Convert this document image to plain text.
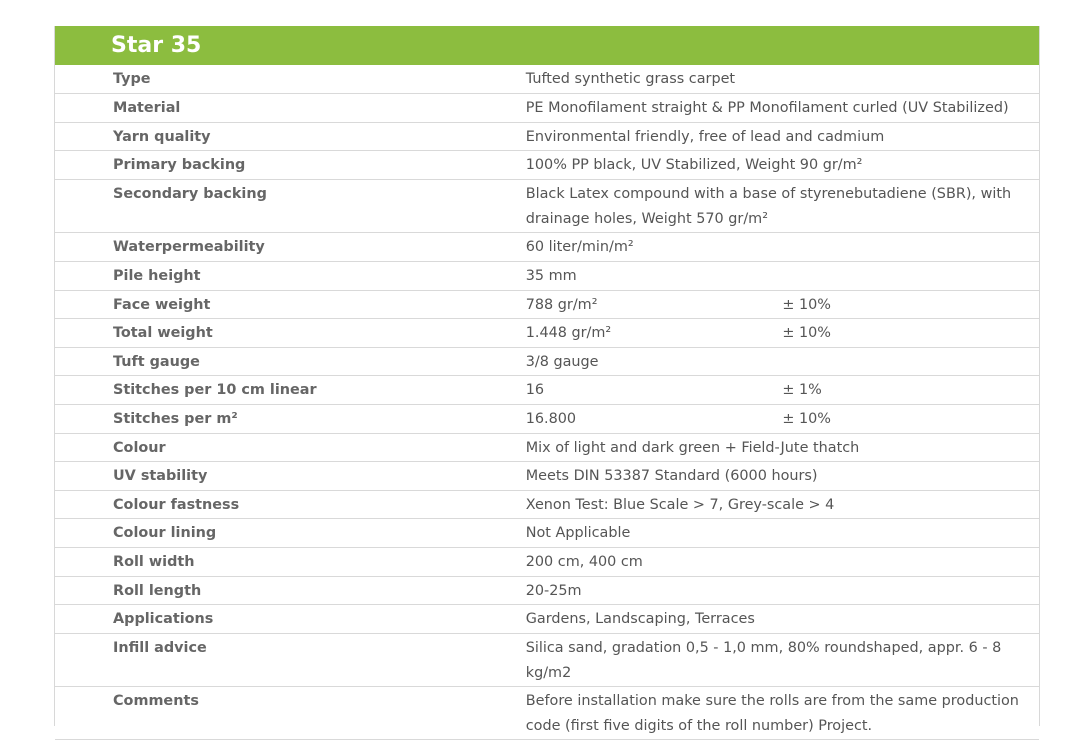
Star 35
Type	Tufted synthetic grass carpet	
Material	PE Monofilament straight & PP Monofilament curled (UV Stabilized)	
Yarn quality	Environmental friendly, free of lead and cadmium	
Primary backing	100% PP black, UV Stabilized, Weight 90 gr/m²	
Secondary backing	Black Latex compound with a base of styrenebutadiene (SBR), with drainage holes, Weight 570 gr/m²	
Waterpermeability	60 liter/min/m²	
Pile height	35 mm	
Face weight	788 gr/m²	± 10%
Total weight	1.448 gr/m²	± 10%
Tuft gauge	3/8 gauge	
Stitches per 10 cm linear	16	± 1%
Stitches per m²	16.800	± 10%
Colour	Mix of light and dark green + Field-Jute thatch	
UV stability	Meets DIN 53387 Standard (6000 hours)	
Colour fastness	Xenon Test: Blue Scale > 7, Grey-scale > 4	
Colour lining	Not Applicable	
Roll width	200 cm, 400 cm	
Roll length	20-25m	
Applications	Gardens, Landscaping, Terraces	
Infill advice	Silica sand, gradation 0,5 - 1,0 mm, 80% roundshaped, appr. 6 - 8 kg/m2	
Comments	Before installation make sure the rolls are from the same production code (first five digits of the roll number) Project.	
